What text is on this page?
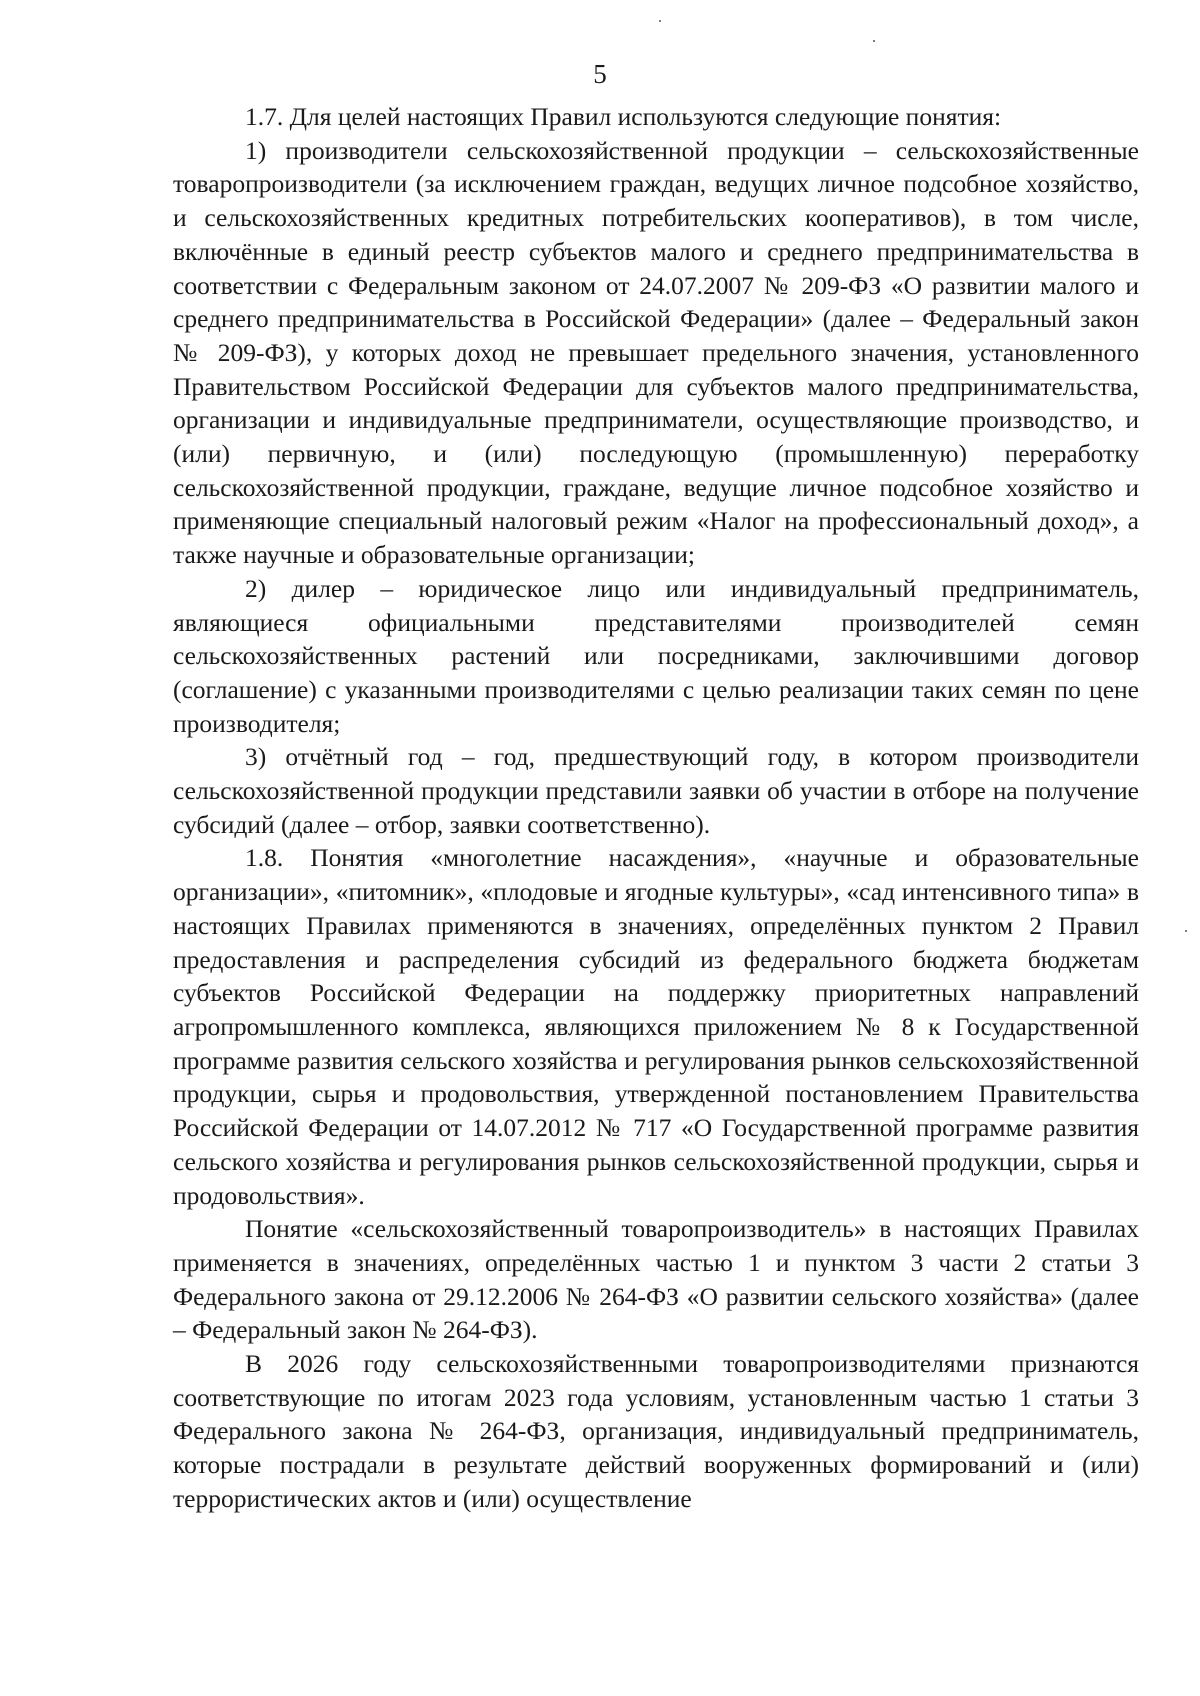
5

1.7. Для целей настоящих Правил используются следующие понятия:

1) производители сельскохозяйственной продукции – сельскохозяйственные товаропроизводители (за исключением граждан, ведущих личное подсобное хозяйство, и сельскохозяйственных кредитных потребительских кооперативов), в том числе, включённые в единый реестр субъектов малого и среднего предпринимательства в соответствии с Федеральным законом от 24.07.2007 № 209-ФЗ «О развитии малого и среднего предпринимательства в Российской Федерации» (далее – Федеральный закон № 209-ФЗ), у которых доход не превышает предельного значения, установленного Правительством Российской Федерации для субъектов малого предпринимательства, организации и индивидуальные предприниматели, осуществляющие производство, и (или) первичную, и (или) последующую (промышленную) переработку сельскохозяйственной продукции, граждане, ведущие личное подсобное хозяйство и применяющие специальный налоговый режим «Налог на профессиональный доход», а также научные и образовательные организации;

2) дилер – юридическое лицо или индивидуальный предприниматель, являющиеся официальными представителями производителей семян сельскохозяйственных растений или посредниками, заключившими договор (соглашение) с указанными производителями с целью реализации таких семян по цене производителя;

3) отчётный год – год, предшествующий году, в котором производители сельскохозяйственной продукции представили заявки об участии в отборе на получение субсидий (далее – отбор, заявки соответственно).

1.8. Понятия «многолетние насаждения», «научные и образовательные организации», «питомник», «плодовые и ягодные культуры», «сад интенсивного типа» в настоящих Правилах применяются в значениях, определённых пунктом 2 Правил предоставления и распределения субсидий из федерального бюджета бюджетам субъектов Российской Федерации на поддержку приоритетных направлений агропромышленного комплекса, являющихся приложением № 8 к Государственной программе развития сельского хозяйства и регулирования рынков сельскохозяйственной продукции, сырья и продовольствия, утвержденной постановлением Правительства Российской Федерации от 14.07.2012 № 717 «О Государственной программе развития сельского хозяйства и регулирования рынков сельскохозяйственной продукции, сырья и продовольствия».

Понятие «сельскохозяйственный товаропроизводитель» в настоящих Правилах применяется в значениях, определённых частью 1 и пунктом 3 части 2 статьи 3 Федерального закона от 29.12.2006 № 264-ФЗ «О развитии сельского хозяйства» (далее – Федеральный закон № 264-ФЗ).

В 2026 году сельскохозяйственными товаропроизводителями признаются соответствующие по итогам 2023 года условиям, установленным частью 1 статьи 3 Федерального закона № 264-ФЗ, организация, индивидуальный предприниматель, которые пострадали в результате действий вооруженных формирований и (или) террористических актов и (или) осуществление
